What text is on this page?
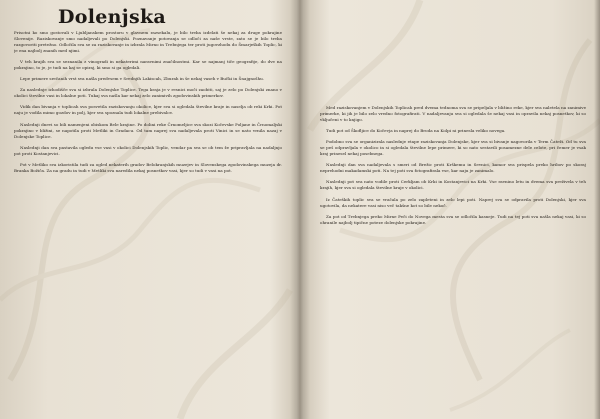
Dolenjska

Prisotni ko smo gostovali v Ljubljanskem prostoru v glavnem razsekalu, je bilo treba izdelati še nekaj za druge pokrajine Slovenije. Raziskovanje smo nadaljevali po Dolenjski. Poznavanje potovanja se odloči za naše vrste, zato se je bilo treba razgovoriti pretežno. Odločila sva se za raziskovanje in izbrala Mirno in Trebnjega ter proti jugovzhodu do Šmarjeških Toplic, ki je ena najbolj znanih med njimi.

V teh krajih sva se seznanila z vinogradi in nekaterimi naravnimi značilnostmi. Kar se najmanj tiče geografije, do dve na pokrajino, to je, je tudi na kaj se opiraj, ki smo si ga ogledali.

Lepe primere srečanih vrst sva našla predvsem v Srednjih Lakiscah, Zburah in še nekaj vaseh v Bučki in Šnajgnošhu.

Za naslednje izhodišče sva si izbrala Dolenjske Toplice. Tega kraja je v resnici moči zaobiti, saj je zelo po Dolenjski znano v okolici številne vasi in lokalne poti. Tukaj sva našla kar nekaj zelo zanimivih zgodovinskih primerkov.

Vidik dan bivanja v toplicah sva posvetila raziskovanju okolice, kjer sva si ogledala številne kraje in naselja ob reki Krki. Pot naju je vodila mimo gozdov in polj, kjer sva spoznala tudi lokalne prebivalce.

Naslednji dnevi so bili namenjeni obiskom Bele krajine. Po dolini reke Črnomeljice sva skozi Kočevske Poljane in Črnomaljski pokrajino v bližini, se napotila proti Metliki in Gradacu. Od tam naprej sva nadaljevala proti Vinici in se nato vrnila nazaj v Dolenjske Toplice.

Naslednji dan sva pastavila ogledu vse vasi v okolici Dolenjskih Toplic, vendar pa sva se ob tem že pripravljala na nadaljnjo pot proti Kostanjevici.

Pot v Metliko sva izkoristila tudi za ogled nekaterih gradov Belokranjskih muzejev in Slovenskega zgodovinskega muzeja dr. Branka Božiča. Za na gradu in tudi v Metliki sva naredila nekaj posnetkov vasi, kjer so tudi v vasi na pot.

Med raziskovanjem v Dolenjskih Toplicah pred dvema tednoma sva se pripeljala v bližino reke, kjer sva naletela na zanimive primerke, ki jih je bilo zelo vredno fotografirati. V nadaljevanju sva si ogledala še nekaj vasi in opravila nekaj posnetkov, ki so vključeni v to knjigo.

Tudi pot od Škofljice do Kočevja in naprej do Brodа na Kolpi ni prinesla veliko novega.

Podobno sva se organizirala naslednje etape raziskovanja Dolenjske, kjer sva si bivanje nagovorila v Term Čateži. Od tu sva se peš odpravljala v okolico in si ogledala številne lepe primere, ki so nato sestavili posamezne dele celote, pri čemer je vsak kraj prinesel nekaj posebnega.

Naslednji dan sva nadaljevala s smeri od Brežic proti Krškemu in Sevnici, kamor sva prispela preko hribov po skoraj neprehodni makadamski poti. Na tej poti sva fotografirala vse, kar naju je zanimalo.

Naslednji pot sva nato vodile proti Cerkljam ob Krki in Kostanjevici na Krki. Vse ravnino letu in dvema sva preživela v teh krajih, kjer sva si ogledala številne kraje v okolici.

Iz Čateških toplic sva se vračala po zelo zapleteni in zelo lepi poti. Naprej sva se odpravila proti Dolenjski, kjer sva ugotovila, da nekatere vasi niso več takšne kot so bile nekoč.

Za pot od Trebnjega preko Mirne Peči do Novega mesta sva se odločila kasneje. Tudi na tej poti sva našla nekaj vasi, ki so ohranile najbolj tipične poteze dolenjske pokrajine.
